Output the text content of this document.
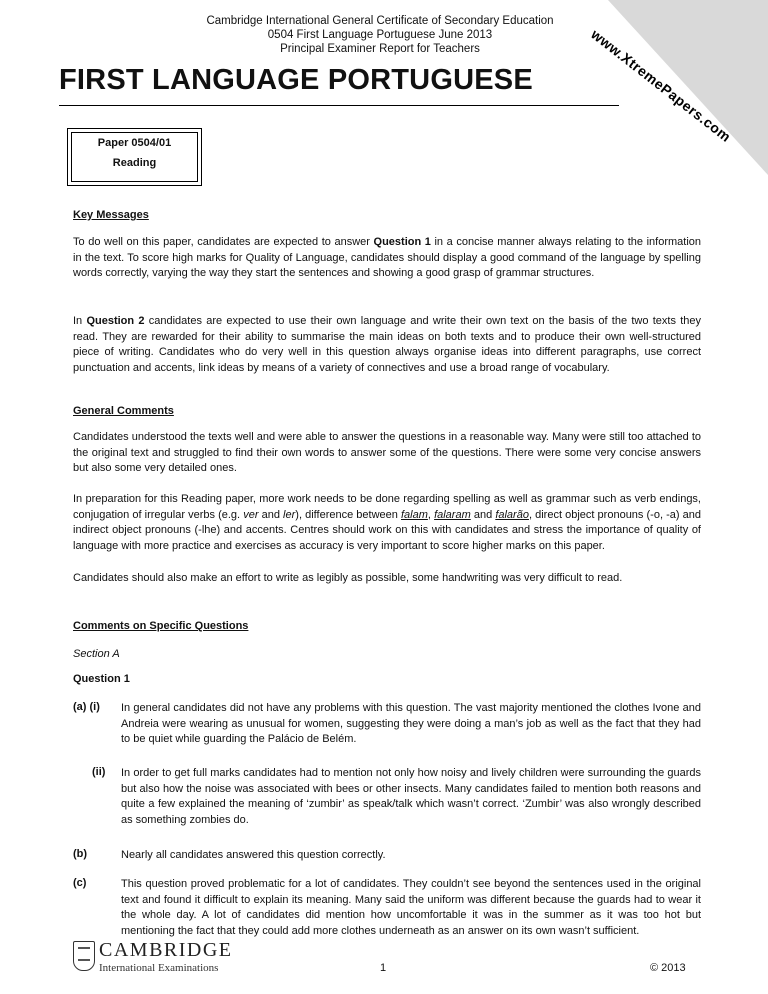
www.XtremePapers.com
Cambridge International General Certificate of Secondary Education
0504 First Language Portuguese June 2013
Principal Examiner Report for Teachers
FIRST LANGUAGE PORTUGUESE
Paper 0504/01
Reading
Key Messages

To do well on this paper, candidates are expected to answer Question 1 in a concise manner always relating to the information in the text. To score high marks for Quality of Language, candidates should display a good command of the language by spelling words correctly, varying the way they start the sentences and showing a good grasp of grammar structures.

In Question 2 candidates are expected to use their own language and write their own text on the basis of the two texts they read. They are rewarded for their ability to summarise the main ideas on both texts and to produce their own well-structured piece of writing. Candidates who do very well in this question always organise ideas into different paragraphs, use correct punctuation and accents, link ideas by means of a variety of connectives and use a broad range of vocabulary.

General Comments

Candidates understood the texts well and were able to answer the questions in a reasonable way. Many were still too attached to the original text and struggled to find their own words to answer some of the questions. There were some very concise answers but also some very detailed ones.

In preparation for this Reading paper, more work needs to be done regarding spelling as well as grammar such as verb endings, conjugation of irregular verbs (e.g. ver and ler), difference between falam, falaram and falarão, direct object pronouns (-o, -a) and indirect object pronouns (-lhe) and accents. Centres should work on this with candidates and stress the importance of quality of language with more practice and exercises as accuracy is very important to score higher marks on this paper.

Candidates should also make an effort to write as legibly as possible, some handwriting was very difficult to read.

Comments on Specific Questions
Section A
Question 1
(a) (i) In general candidates did not have any problems with this question. The vast majority mentioned the clothes Ivone and Andreia were wearing as unusual for women, suggesting they were doing a man’s job as well as the fact that they had to be quiet while guarding the Palácio de Belém.

(ii) In order to get full marks candidates had to mention not only how noisy and lively children were surrounding the guards but also how the noise was associated with bees or other insects. Many candidates failed to mention both reasons and quite a few explained the meaning of ‘zumbir’ as speak/talk which wasn’t correct. ‘Zumbir’ was also wrongly described as something zombies do.

(b)	Nearly all candidates answered this question correctly.

(c)	This question proved problematic for a lot of candidates. They couldn’t see beyond the sentences used in the original text and found it difficult to explain its meaning. Many said the uniform was different because the guards had to wear it the whole day. A lot of candidates did mention how uncomfortable it was in the summer as it was too hot but mentioning the fact that they could add more clothes underneath as an answer on its own wasn’t sufficient.

CAMBRIDGE
International Examinations	1	© 2013
